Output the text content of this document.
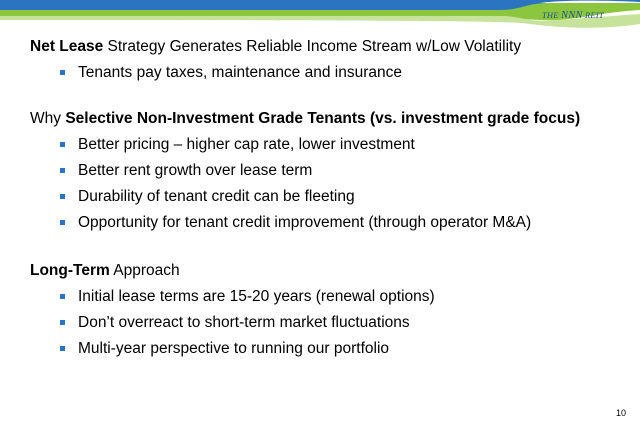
THE NNN REIT

Net Lease Strategy Generates Reliable Income Stream w/Low Volatility

Tenants pay taxes, maintenance and insurance

Why Selective Non-Investment Grade Tenants (vs. investment grade focus)

Better pricing – higher cap rate, lower investment
Better rent growth over lease term
Durability of tenant credit can be fleeting
Opportunity for tenant credit improvement (through operator M&A)

Long-Term Approach

Initial lease terms are 15-20 years (renewal options)
Don’t overreact to short-term market fluctuations
Multi-year perspective to running our portfolio
10
